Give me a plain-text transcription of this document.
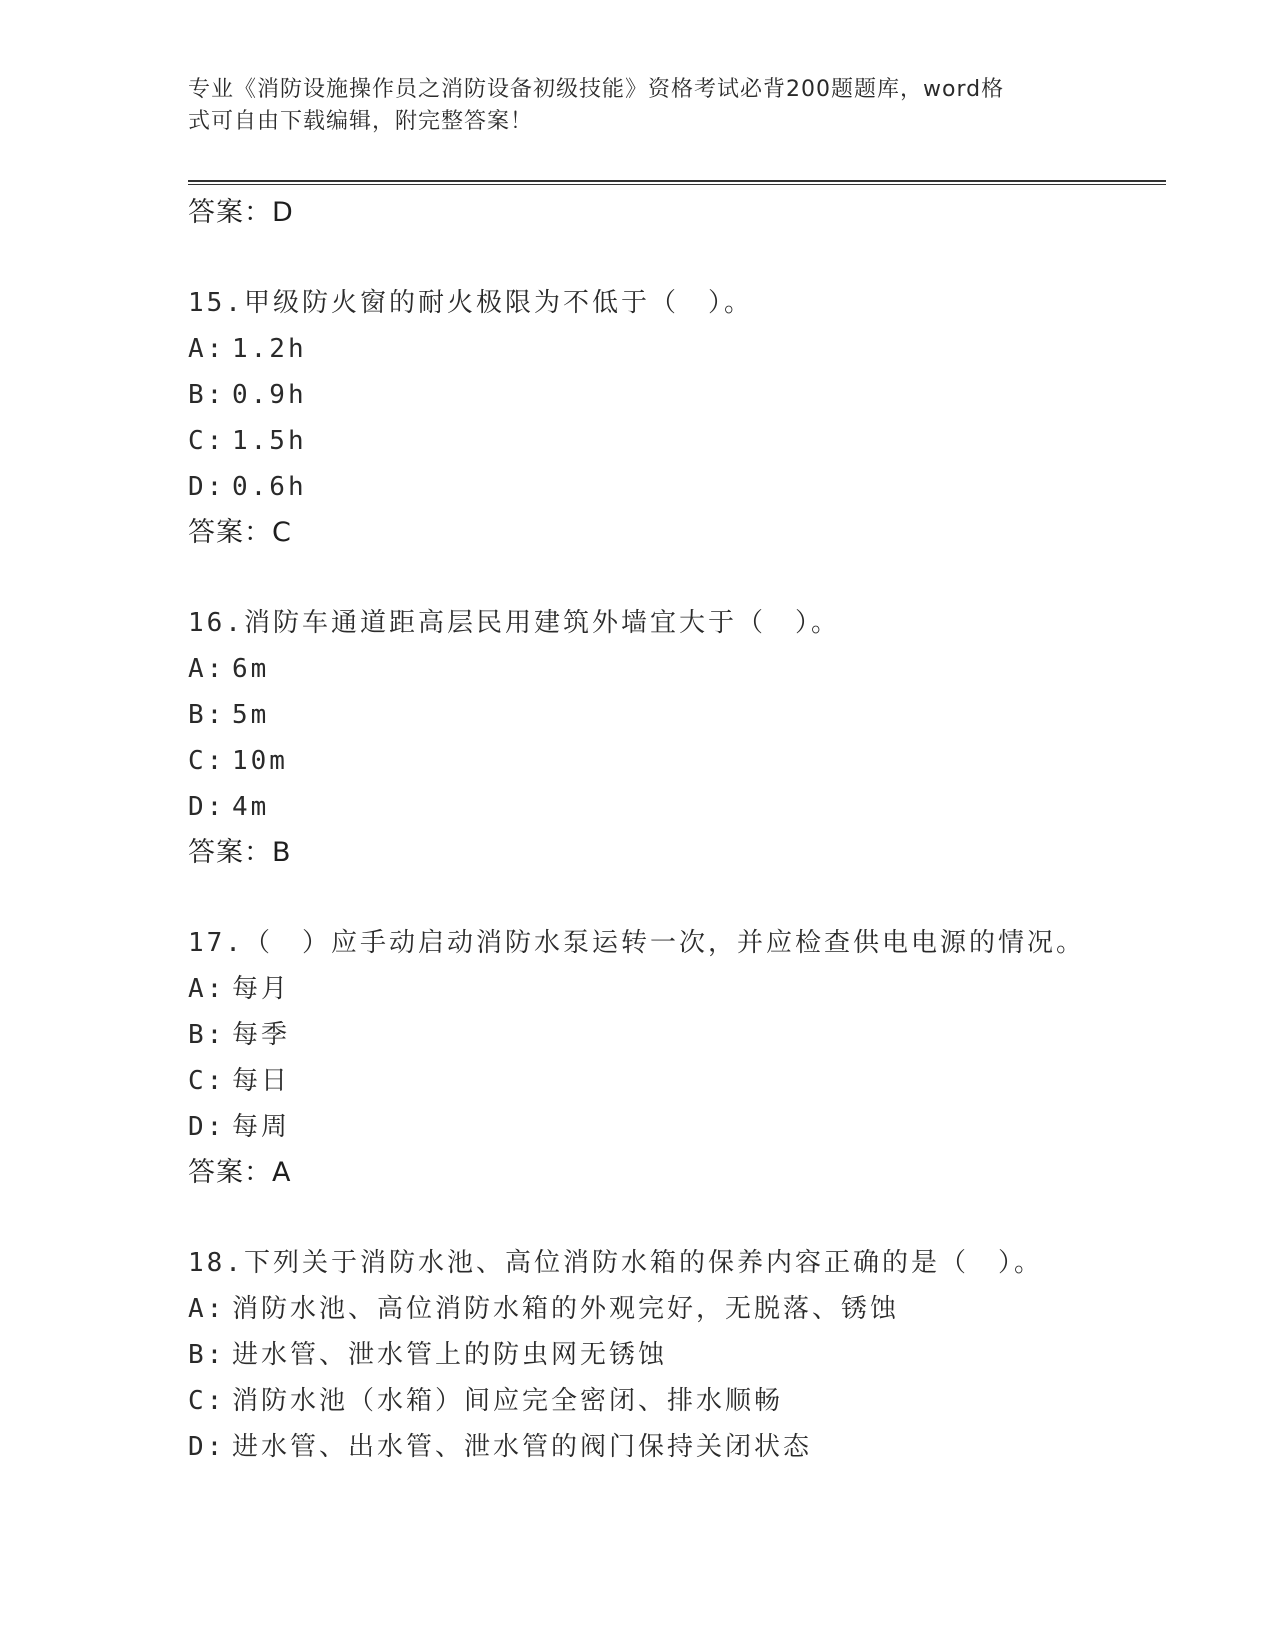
专业《消防设施操作员之消防设备初级技能》资格考试必背200题题库，word格
式可自由下载编辑，附完整答案！
答案：D
15.甲级防火窗的耐火极限为不低于（　）。
A: 1.2h
B: 0.9h
C: 1.5h
D: 0.6h
答案：C
16.消防车通道距高层民用建筑外墙宜大于（　）。
A: 6m
B: 5m
C: 10m
D: 4m
答案：B
17.（　）应手动启动消防水泵运转一次，并应检查供电电源的情况。
A: 每月
B: 每季
C: 每日
D: 每周
答案：A
18.下列关于消防水池、高位消防水箱的保养内容正确的是（　）。
A: 消防水池、高位消防水箱的外观完好，无脱落、锈蚀
B: 进水管、泄水管上的防虫网无锈蚀
C: 消防水池（水箱）间应完全密闭、排水顺畅
D: 进水管、出水管、泄水管的阀门保持关闭状态
